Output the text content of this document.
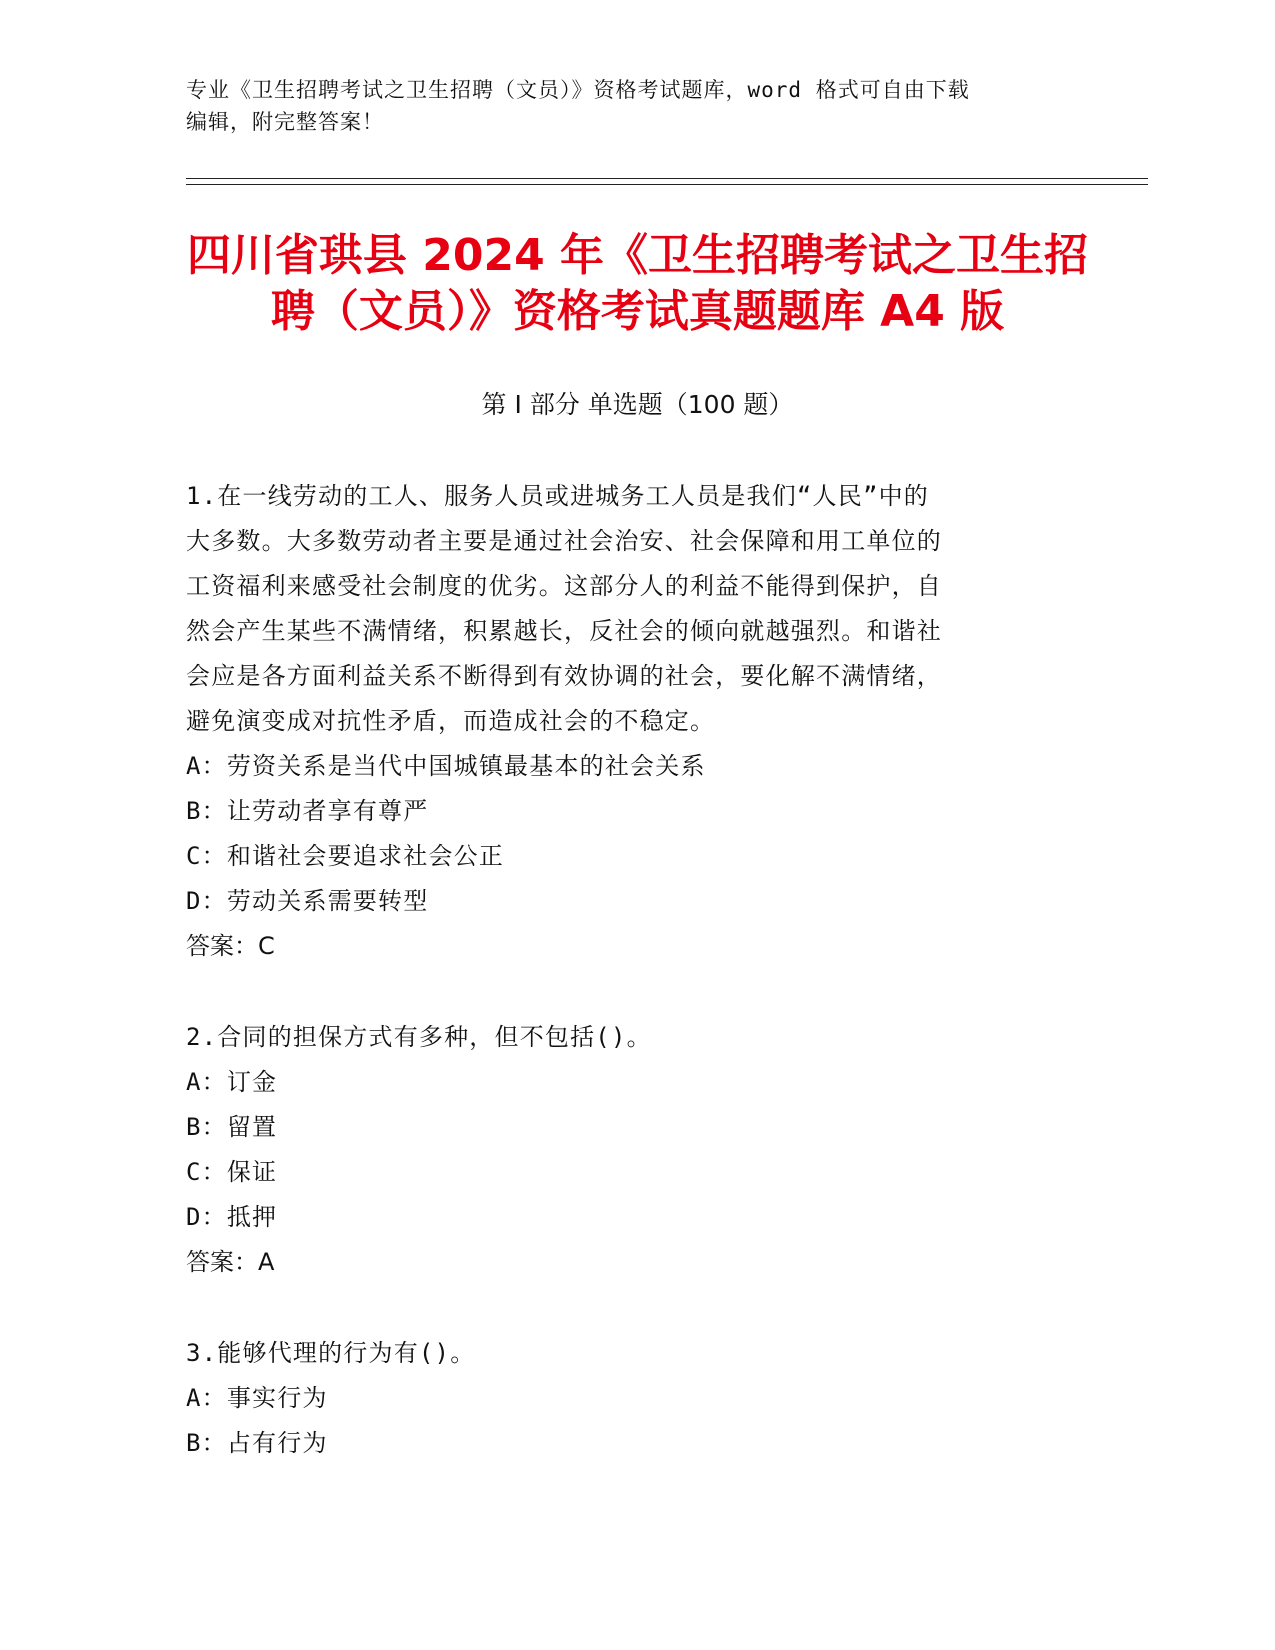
专业《卫生招聘考试之卫生招聘（文员）》资格考试题库，word 格式可自由下载
编辑，附完整答案！
四川省珙县 2024 年《卫生招聘考试之卫生招
聘（文员）》资格考试真题题库 A4 版
第 I 部分 单选题（100 题）
1.在一线劳动的工人、服务人员或进城务工人员是我们“人民”中的
大多数。大多数劳动者主要是通过社会治安、社会保障和用工单位的
工资福利来感受社会制度的优劣。这部分人的利益不能得到保护，自
然会产生某些不满情绪，积累越长，反社会的倾向就越强烈。和谐社
会应是各方面利益关系不断得到有效协调的社会，要化解不满情绪，
避免演变成对抗性矛盾，而造成社会的不稳定。
A：劳资关系是当代中国城镇最基本的社会关系
B：让劳动者享有尊严
C：和谐社会要追求社会公正
D：劳动关系需要转型
答案：C
2.合同的担保方式有多种，但不包括()。
A：订金
B：留置
C：保证
D：抵押
答案：A
3.能够代理的行为有()。
A：事实行为
B：占有行为
